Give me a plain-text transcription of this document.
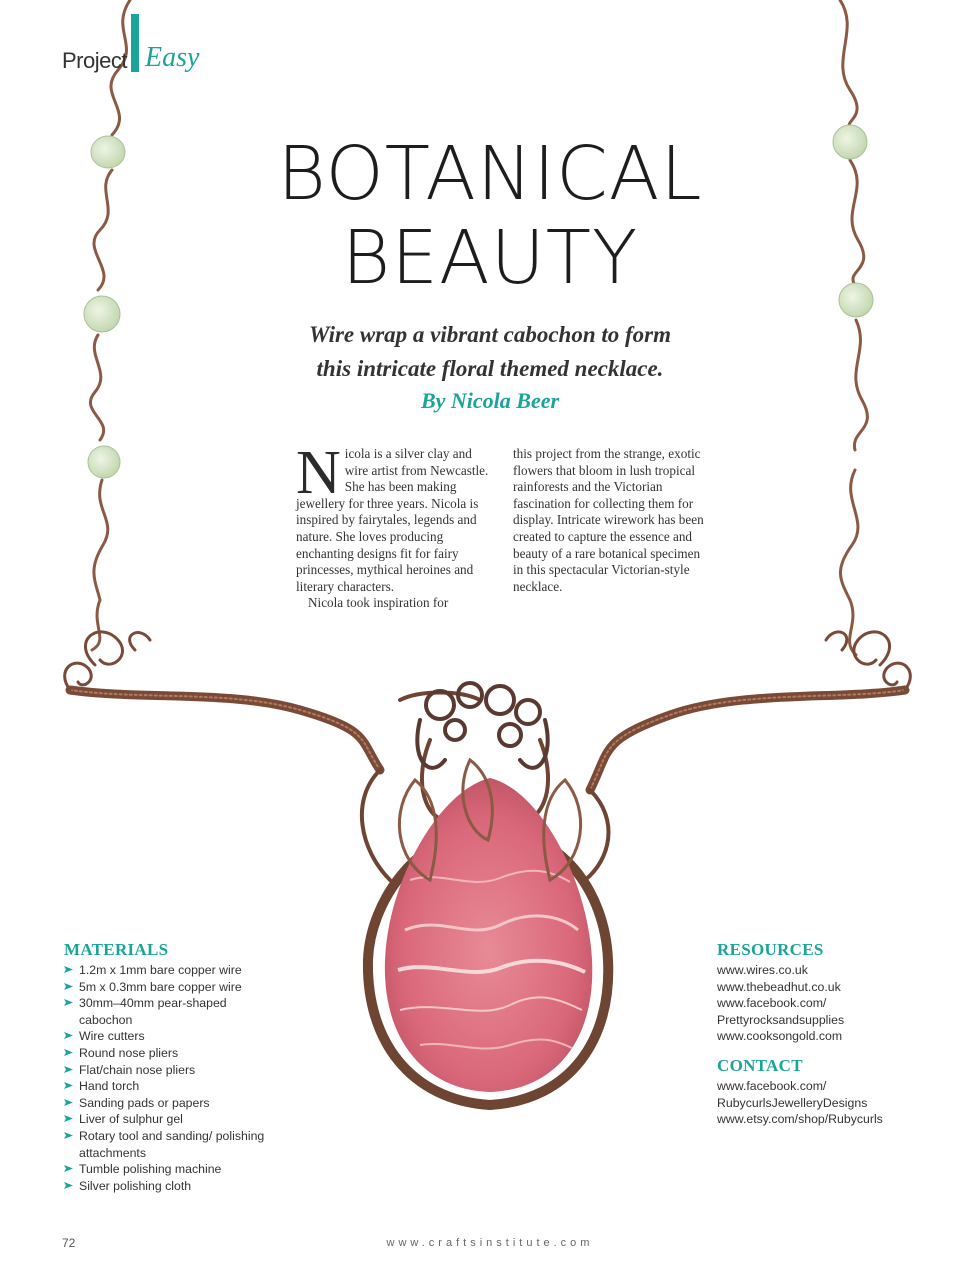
Project Easy
BOTANICAL
BEAUTY
Wire wrap a vibrant cabochon to form
this intricate floral themed necklace.
By Nicola Beer

Nicola is a silver clay and wire artist from Newcastle. She has been making jewellery for three years. Nicola is inspired by fairytales, legends and nature. She loves producing enchanting designs fit for fairy princesses, mythical heroines and literary characters.

Nicola took inspiration for

this project from the strange, exotic flowers that bloom in lush tropical rainforests and the Victorian fascination for collecting them for display. Intricate wirework has been created to capture the essence and beauty of a rare botanical specimen in this spectacular Victorian-style necklace.

MATERIALS
1.2m x 1mm bare copper wire
5m x 0.3mm bare copper wire
30mm–40mm pear-shaped cabochon
Wire cutters
Round nose pliers
Flat/chain nose pliers
Hand torch
Sanding pads or papers
Liver of sulphur gel
Rotary tool and sanding/ polishing attachments
Tumble polishing machine
Silver polishing cloth
RESOURCES
www.wires.co.uk
www.thebeadhut.co.uk
www.facebook.com/
Prettyrocksandsupplies
www.cooksongold.com
CONTACT
www.facebook.com/
RubycurlsJewelleryDesigns
www.etsy.com/shop/Rubycurls
72	www.craftsinstitute.com
